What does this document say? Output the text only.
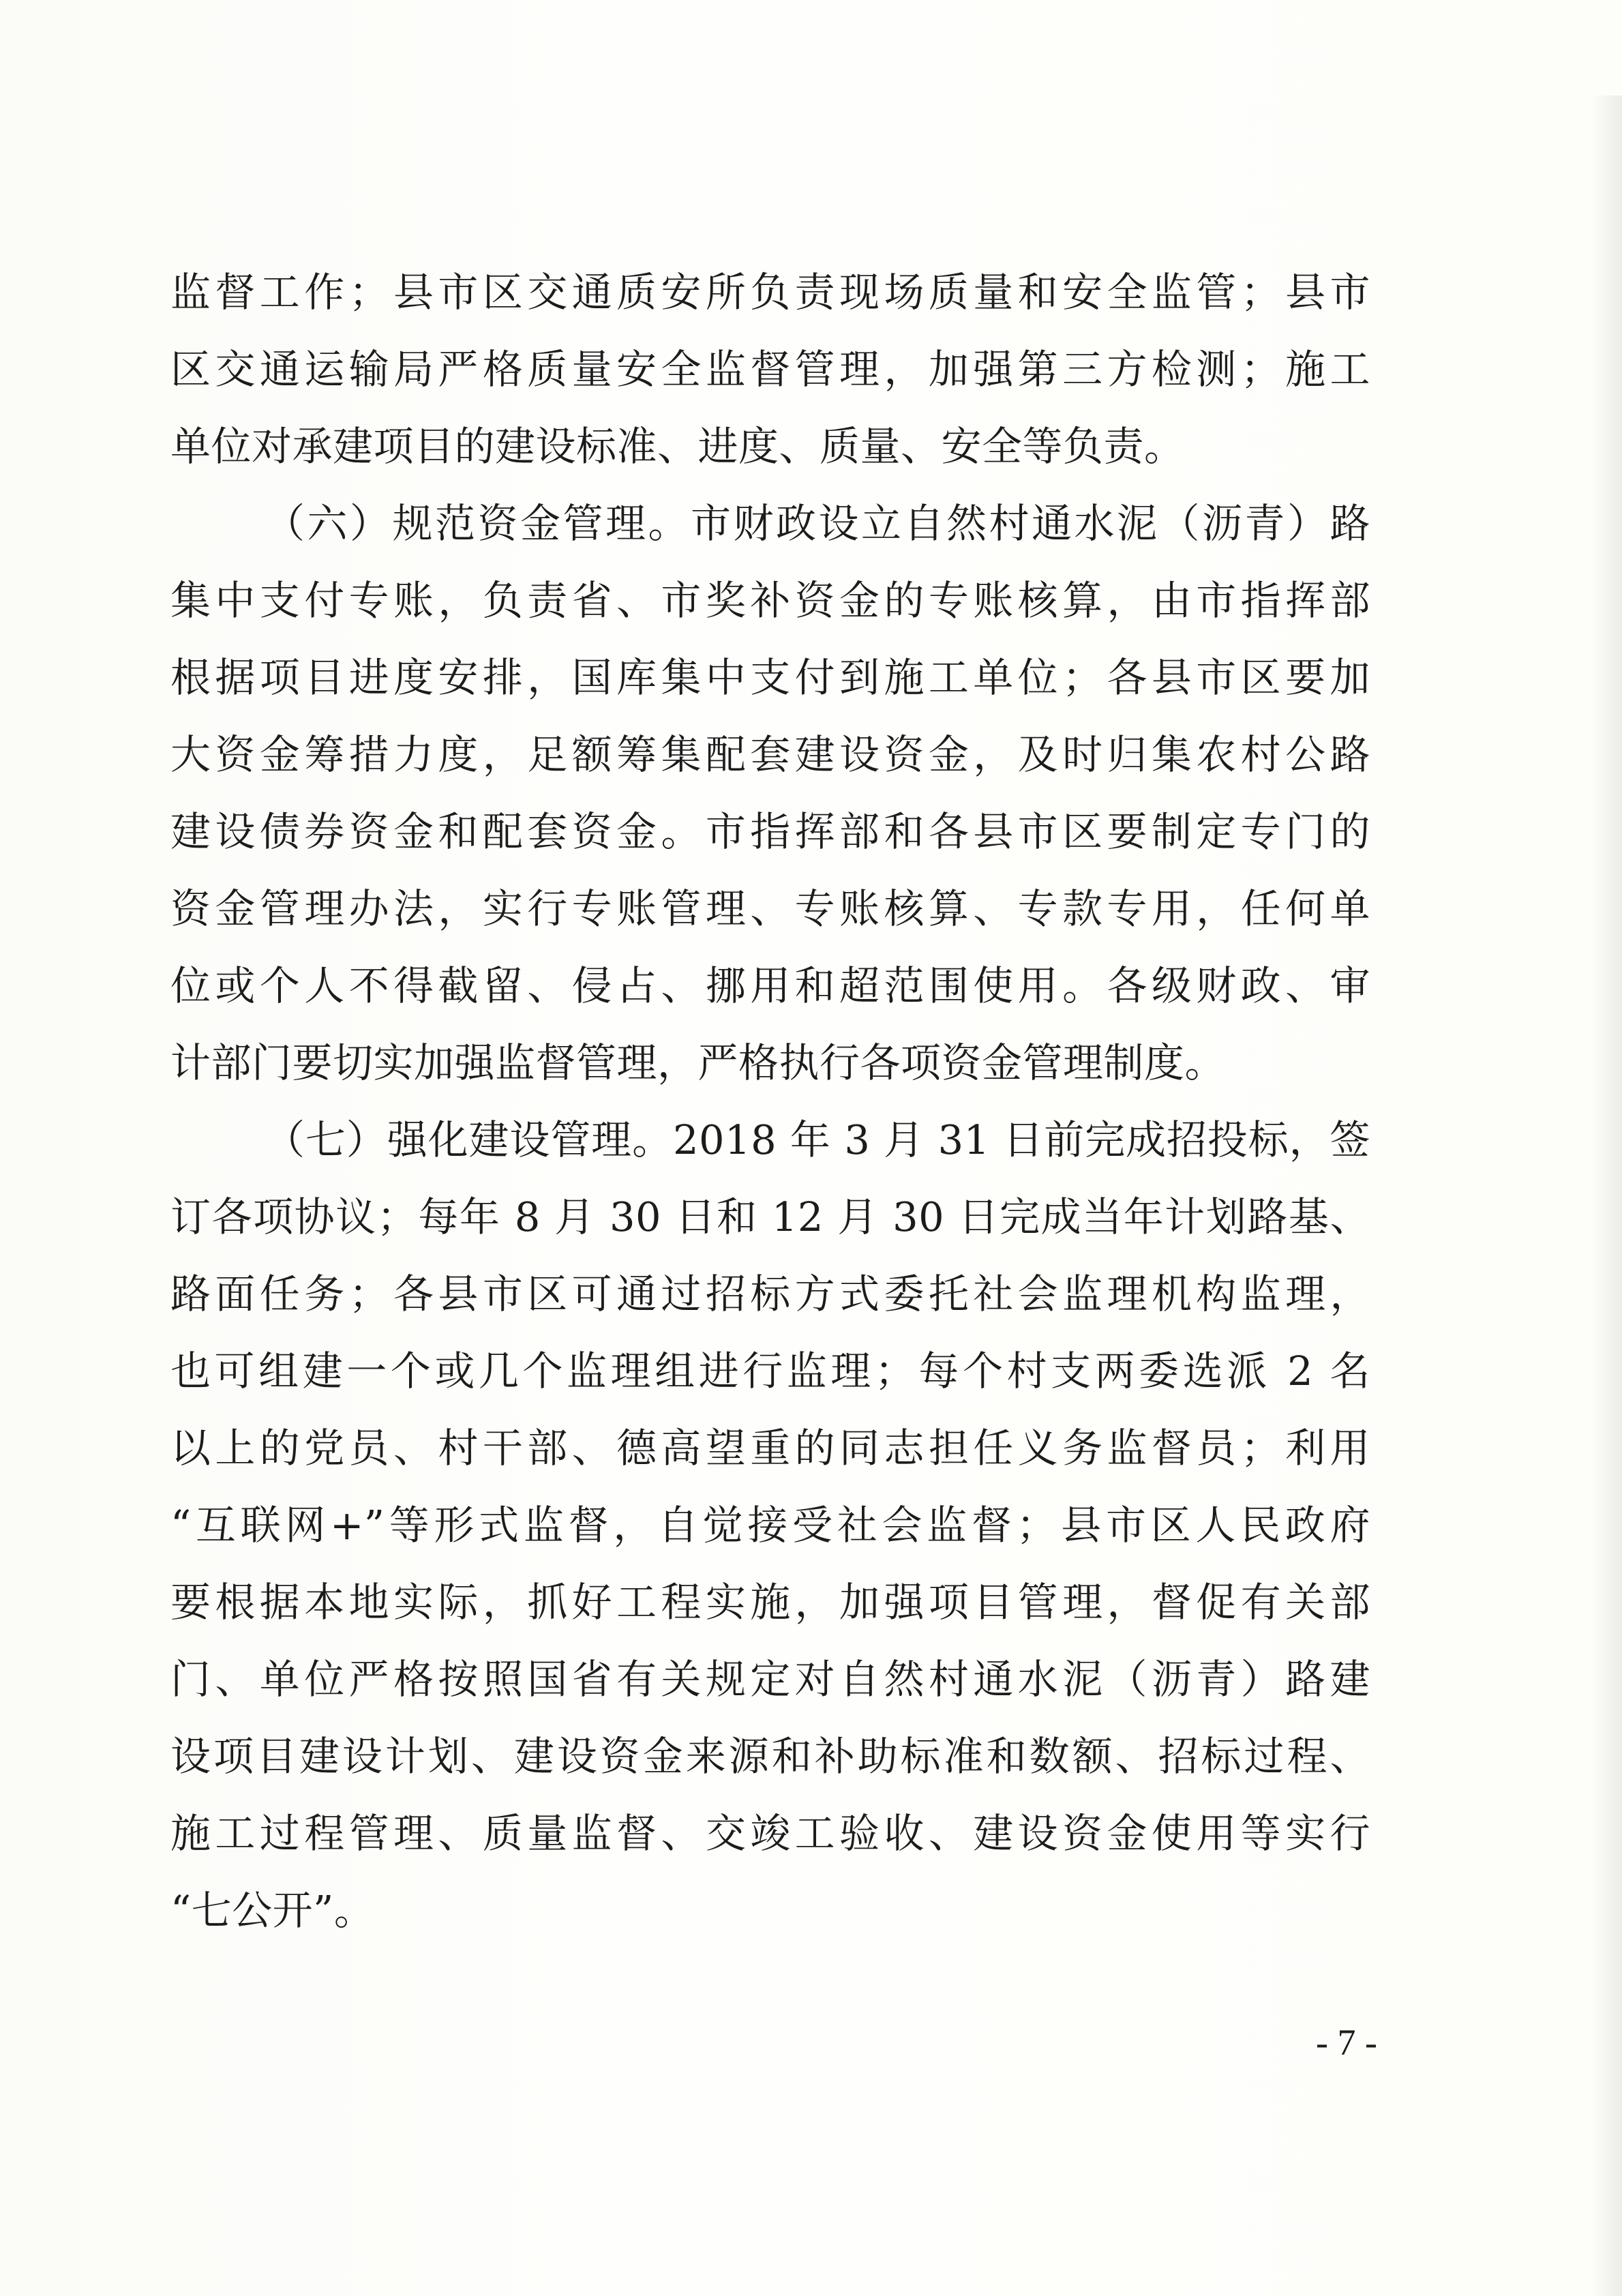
监督工作；县市区交通质安所负责现场质量和安全监管；县市
区交通运输局严格质量安全监督管理，加强第三方检测；施工
单位对承建项目的建设标准、进度、质量、安全等负责。
（六）规范资金管理。市财政设立自然村通水泥（沥青）路
集中支付专账，负责省、市奖补资金的专账核算，由市指挥部
根据项目进度安排，国库集中支付到施工单位；各县市区要加
大资金筹措力度，足额筹集配套建设资金，及时归集农村公路
建设债券资金和配套资金。市指挥部和各县市区要制定专门的
资金管理办法，实行专账管理、专账核算、专款专用，任何单
位或个人不得截留、侵占、挪用和超范围使用。各级财政、审
计部门要切实加强监督管理，严格执行各项资金管理制度。
（七）强化建设管理。2018 年 3 月 31 日前完成招投标，签
订各项协议；每年 8 月 30 日和 12 月 30 日完成当年计划路基、
路面任务；各县市区可通过招标方式委托社会监理机构监理，
也可组建一个或几个监理组进行监理；每个村支两委选派 2 名
以上的党员、村干部、德高望重的同志担任义务监督员；利用
“互联网+”等形式监督，自觉接受社会监督；县市区人民政府
要根据本地实际，抓好工程实施，加强项目管理，督促有关部
门、单位严格按照国省有关规定对自然村通水泥（沥青）路建
设项目建设计划、建设资金来源和补助标准和数额、招标过程、
施工过程管理、质量监督、交竣工验收、建设资金使用等实行
“七公开”。
- 7 -
